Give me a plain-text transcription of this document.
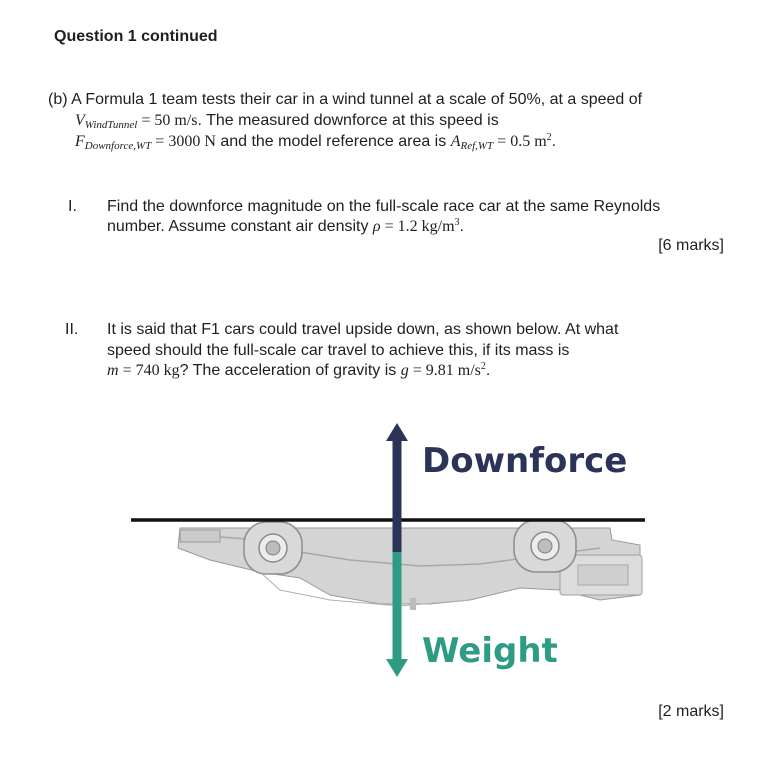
Question 1 continued
(b) A Formula 1 team tests their car in a wind tunnel at a scale of 50%, at a speed of
VWindTunnel = 50 m/s. The measured downforce at this speed is
FDownforce,WT = 3000 N and the model reference area is ARef,WT = 0.5 $m^2$.
I. Find the downforce magnitude on the full-scale race car at the same Reynolds
number. Assume constant air density ρ = 1.2 $kg/m^3$.
[6 marks]
II. It is said that F1 cars could travel upside down, as shown below. At what
speed should the full-scale car travel to achieve this, if its mass is
m = 740 kg? The acceleration of gravity is g = 9.81 $m/s^2$.
Downforce
Weight
[2 marks]
